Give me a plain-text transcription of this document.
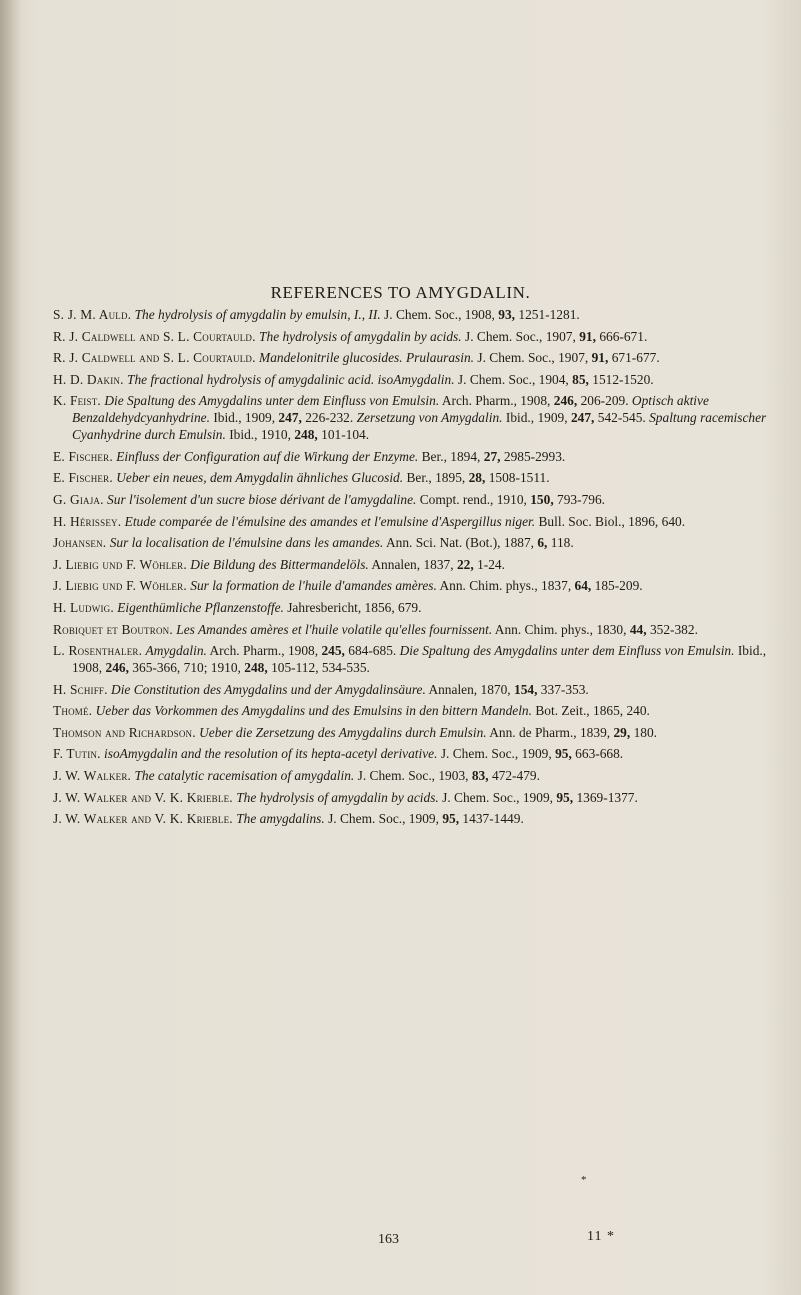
REFERENCES TO AMYGDALIN.
S. J. M. Auld. The hydrolysis of amygdalin by emulsin, I., II. J. Chem. Soc., 1908, 93, 1251-1281.
R. J. Caldwell and S. L. Courtauld. The hydrolysis of amygdalin by acids. J. Chem. Soc., 1907, 91, 666-671.
R. J. Caldwell and S. L. Courtauld. Mandelonitrile glucosides. Prulaurasin. J. Chem. Soc., 1907, 91, 671-677.
H. D. Dakin. The fractional hydrolysis of amygdalinic acid. isoAmygdalin. J. Chem. Soc., 1904, 85, 1512-1520.
K. Feist. Die Spaltung des Amygdalins unter dem Einfluss von Emulsin. Arch. Pharm., 1908, 246, 206-209. Optisch aktive Benzaldehydcyanhydrine. Ibid., 1909, 247, 226-232. Zersetzung von Amygdalin. Ibid., 1909, 247, 542-545. Spaltung racemischer Cyanhydrine durch Emulsin. Ibid., 1910, 248, 101-104.
E. Fischer. Einfluss der Configuration auf die Wirkung der Enzyme. Ber., 1894, 27, 2985-2993.
E. Fischer. Ueber ein neues, dem Amygdalin ähnliches Glucosid. Ber., 1895, 28, 1508-1511.
G. Giaja. Sur l'isolement d'un sucre biose dérivant de l'amygdaline. Compt. rend., 1910, 150, 793-796.
H. Hérissey. Etude comparée de l'émulsine des amandes et l'emulsine d'Aspergillus niger. Bull. Soc. Biol., 1896, 640.
Johansen. Sur la localisation de l'émulsine dans les amandes. Ann. Sci. Nat. (Bot.), 1887, 6, 118.
J. Liebig und F. Wöhler. Die Bildung des Bittermandelöls. Annalen, 1837, 22, 1-24.
J. Liebig und F. Wöhler. Sur la formation de l'huile d'amandes amères. Ann. Chim. phys., 1837, 64, 185-209.
H. Ludwig. Eigenthümliche Pflanzenstoffe. Jahresbericht, 1856, 679.
Robiquet et Boutron. Les Amandes amères et l'huile volatile qu'elles fournissent. Ann. Chim. phys., 1830, 44, 352-382.
L. Rosenthaler. Amygdalin. Arch. Pharm., 1908, 245, 684-685. Die Spaltung des Amygdalins unter dem Einfluss von Emulsin. Ibid., 1908, 246, 365-366, 710; 1910, 248, 105-112, 534-535.
H. Schiff. Die Constitution des Amygdalins und der Amygdalinsäure. Annalen, 1870, 154, 337-353.
Thomé. Ueber das Vorkommen des Amygdalins und des Emulsins in den bittern Mandeln. Bot. Zeit., 1865, 240.
Thomson and Richardson. Ueber die Zersetzung des Amygdalins durch Emulsin. Ann. de Pharm., 1839, 29, 180.
F. Tutin. isoAmygdalin and the resolution of its hepta-acetyl derivative. J. Chem. Soc., 1909, 95, 663-668.
J. W. Walker. The catalytic racemisation of amygdalin. J. Chem. Soc., 1903, 83, 472-479.
J. W. Walker and V. K. Krieble. The hydrolysis of amygdalin by acids. J. Chem. Soc., 1909, 95, 1369-1377.
J. W. Walker and V. K. Krieble. The amygdalins. J. Chem. Soc., 1909, 95, 1437-1449.
*
163	11 *
